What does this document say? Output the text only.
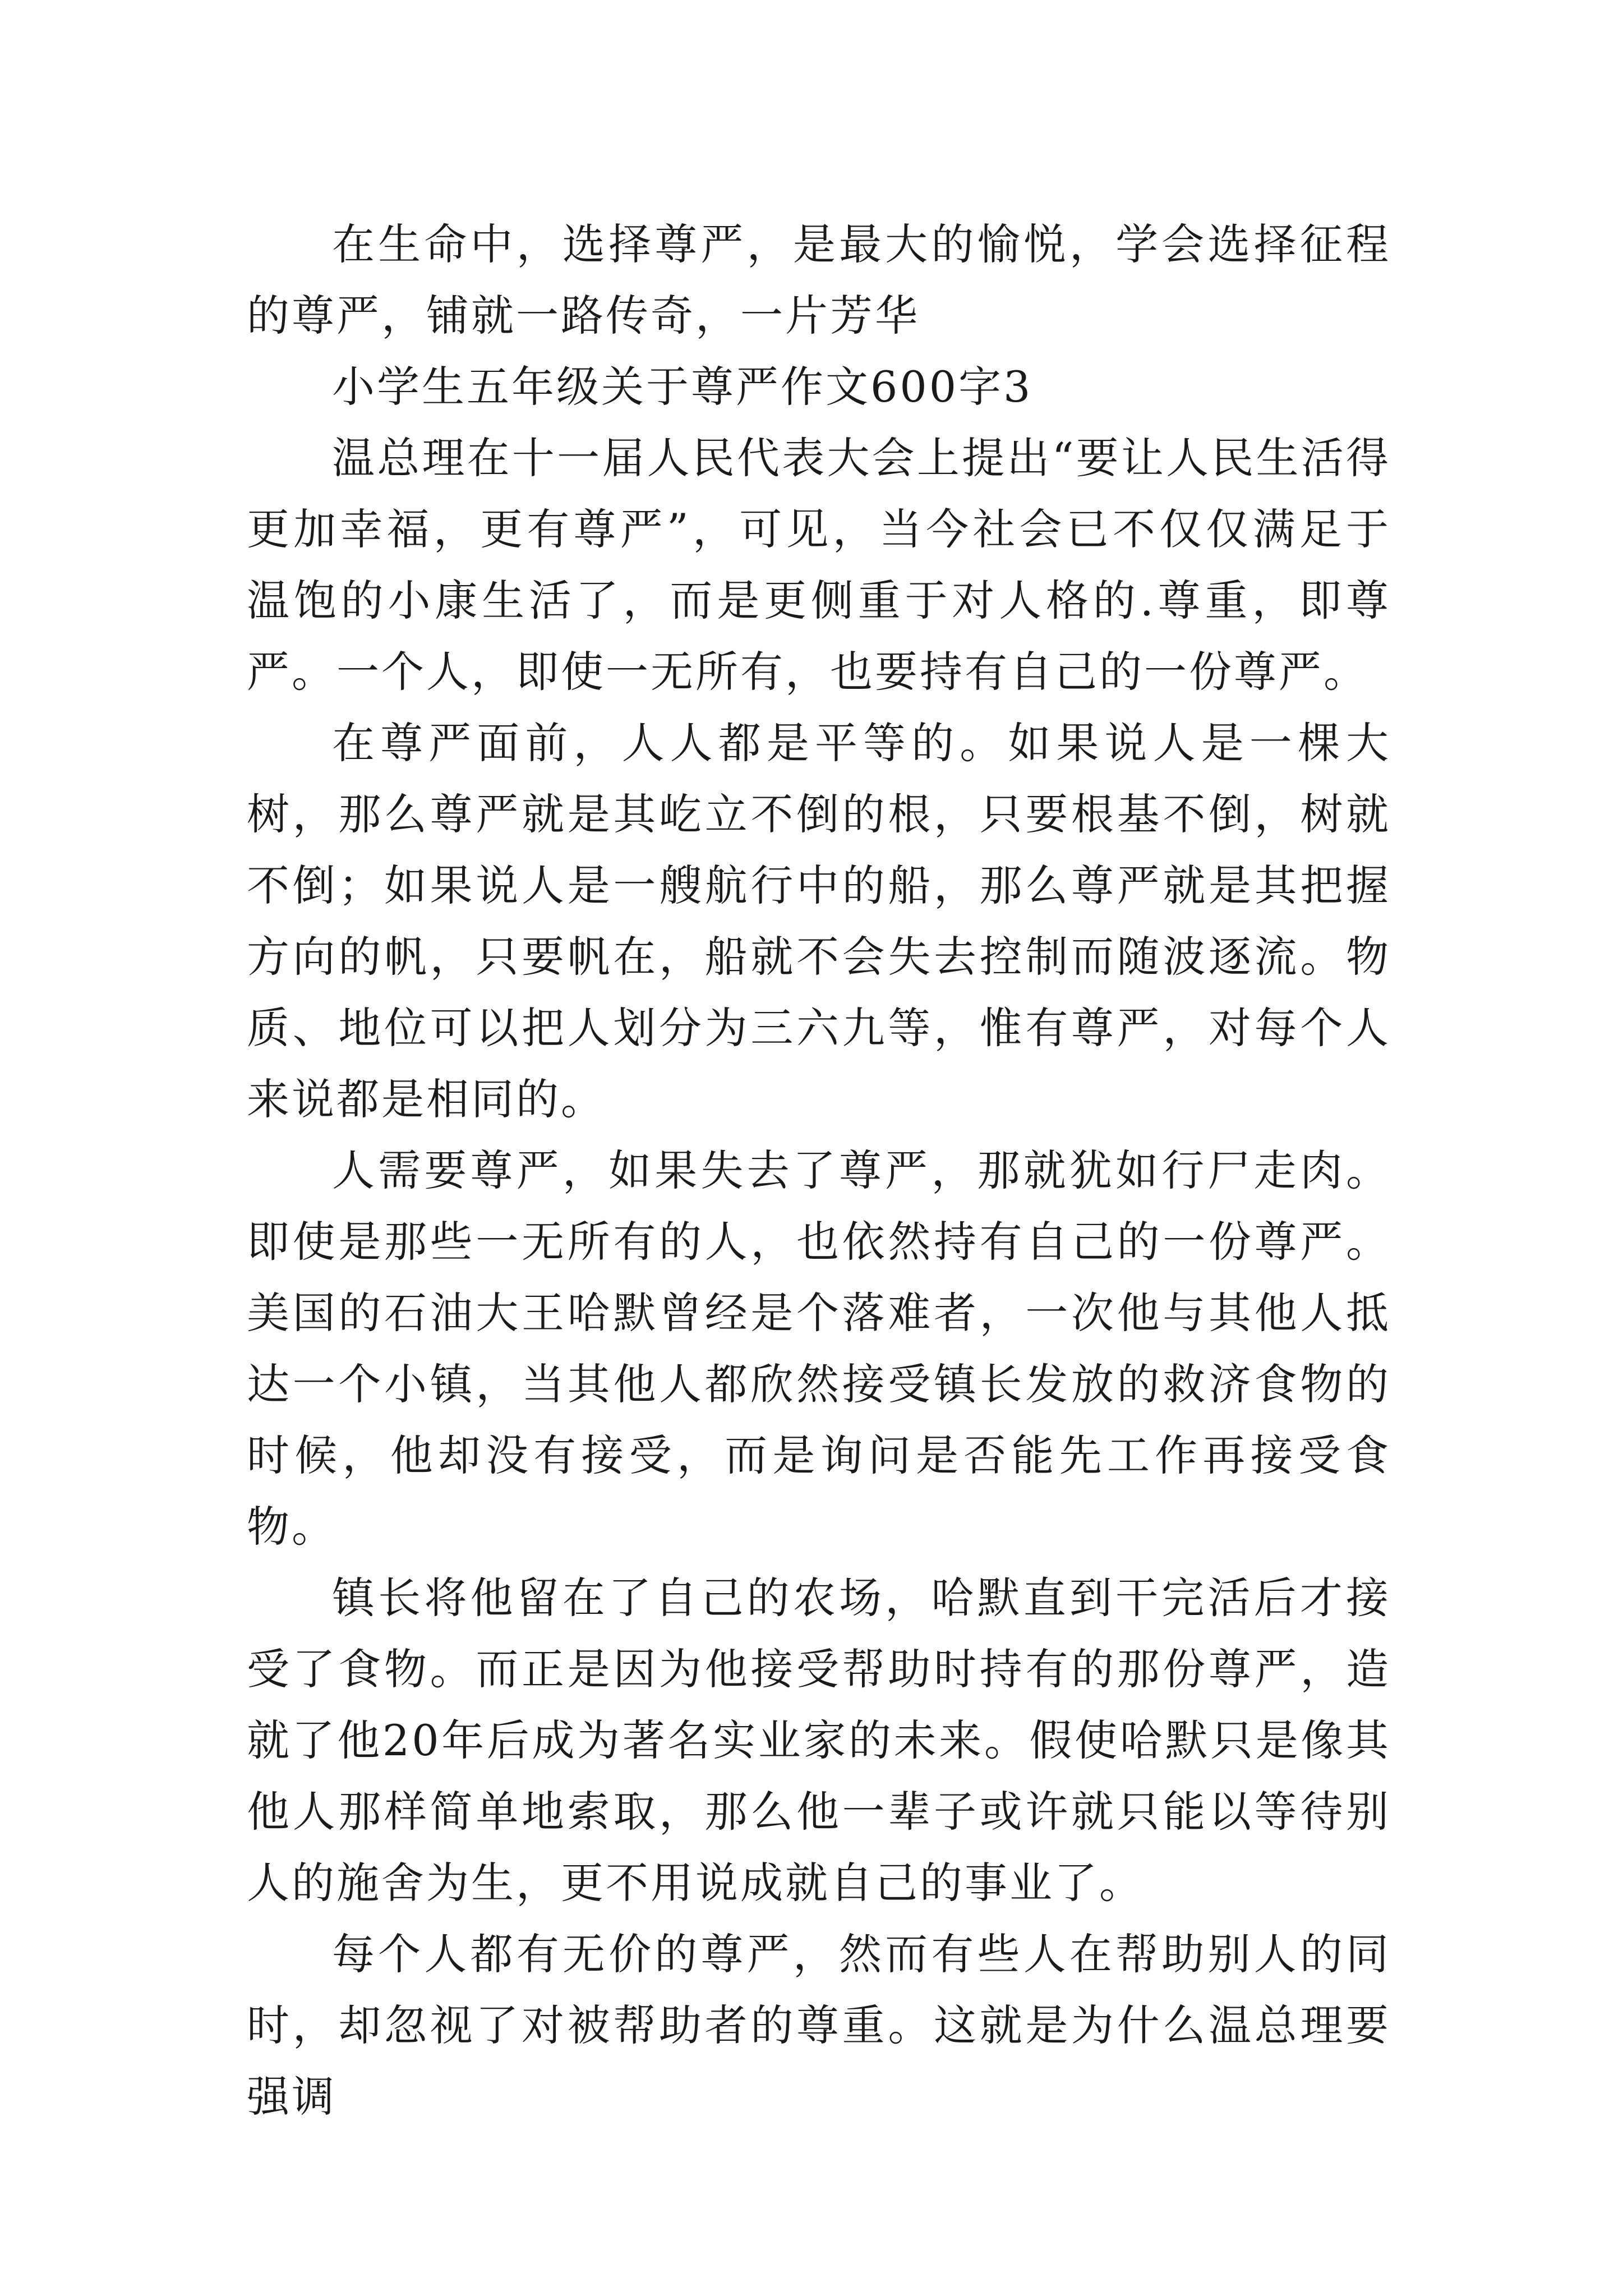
在生命中，选择尊严，是最大的愉悦，学会选择征程的尊严，铺就一路传奇，一片芳华

小学生五年级关于尊严作文600字3

温总理在十一届人民代表大会上提出“要让人民生活得更加幸福，更有尊严”，可见，当今社会已不仅仅满足于温饱的小康生活了，而是更侧重于对人格的.尊重，即尊严。一个人，即使一无所有，也要持有自己的一份尊严。

在尊严面前，人人都是平等的。如果说人是一棵大树，那么尊严就是其屹立不倒的根，只要根基不倒，树就不倒；如果说人是一艘航行中的船，那么尊严就是其把握方向的帆，只要帆在，船就不会失去控制而随波逐流。物质、地位可以把人划分为三六九等，惟有尊严，对每个人来说都是相同的。

人需要尊严，如果失去了尊严，那就犹如行尸走肉。即使是那些一无所有的人，也依然持有自己的一份尊严。美国的石油大王哈默曾经是个落难者，一次他与其他人抵达一个小镇，当其他人都欣然接受镇长发放的救济食物的时候，他却没有接受，而是询问是否能先工作再接受食物。

镇长将他留在了自己的农场，哈默直到干完活后才接受了食物。而正是因为他接受帮助时持有的那份尊严，造就了他20年后成为著名实业家的未来。假使哈默只是像其他人那样简单地索取，那么他一辈子或许就只能以等待别人的施舍为生，更不用说成就自己的事业了。

每个人都有无价的尊严，然而有些人在帮助别人的同时，却忽视了对被帮助者的尊重。这就是为什么温总理要强调
